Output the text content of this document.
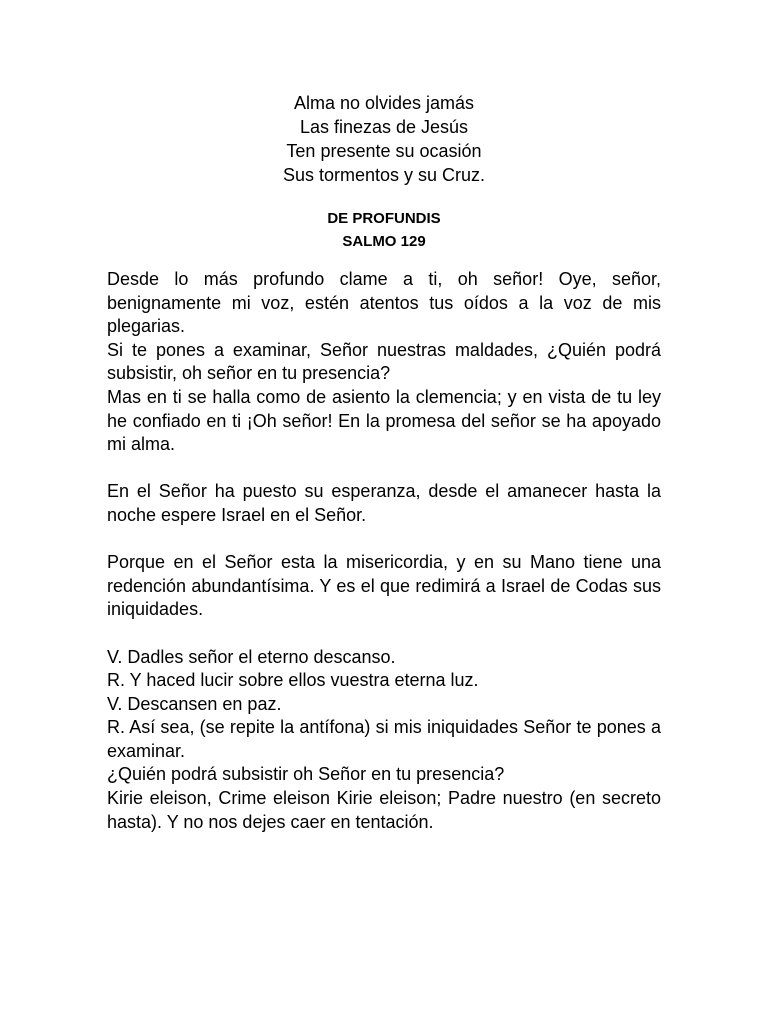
Alma no olvides jamás
Las finezas de Jesús
Ten presente su ocasión
Sus tormentos y su Cruz.
DE PROFUNDIS
SALMO 129

Desde lo más profundo clame a ti, oh señor! Oye, señor, benignamente mi voz, estén atentos tus oídos a la voz de mis plegarias.

Si te pones a examinar, Señor nuestras maldades, ¿Quién podrá subsistir, oh señor en tu presencia?

Mas en ti se halla como de asiento la clemencia; y en vista de tu ley he confiado en ti ¡Oh señor! En la promesa del señor se ha apoyado mi alma.

En el Señor ha puesto su esperanza, desde el amanecer hasta la noche espere Israel en el Señor.

Porque en el Señor esta la misericordia, y en su Mano tiene una redención abundantísima. Y es el que redimirá a Israel de Codas sus iniquidades.

V. Dadles señor el eterno descanso.

R. Y haced lucir sobre ellos vuestra eterna luz.

V. Descansen en paz.

R. Así sea, (se repite la antífona) si mis iniquidades Señor te pones a examinar.

¿Quién podrá subsistir oh Señor en tu presencia?

Kirie eleison, Crime eleison Kirie eleison; Padre nuestro (en secreto hasta). Y no nos dejes caer en tentación.
